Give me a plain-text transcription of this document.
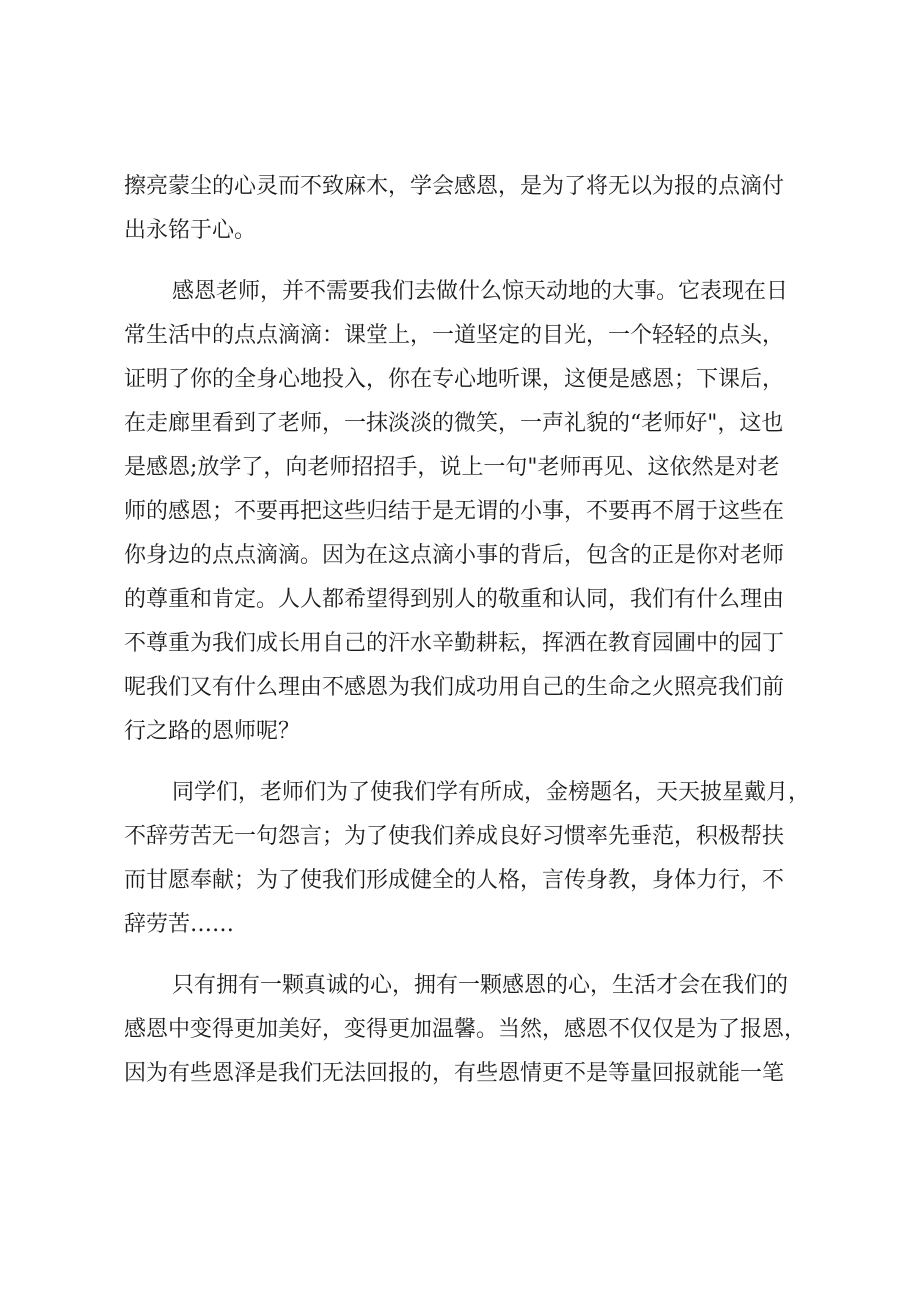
擦亮蒙尘的心灵而不致麻木，学会感恩，是为了将无以为报的点滴付
出永铭于心。
感恩老师，并不需要我们去做什么惊天动地的大事。它表现在日
常生活中的点点滴滴：课堂上，一道坚定的目光，一个轻轻的点头，
证明了你的全身心地投入，你在专心地听课，这便是感恩；下课后，
在走廊里看到了老师，一抹淡淡的微笑，一声礼貌的“老师好"，这也
是感恩;放学了，向老师招招手，说上一句"老师再见、这依然是对老
师的感恩；不要再把这些归结于是无谓的小事，不要再不屑于这些在
你身边的点点滴滴。因为在这点滴小事的背后，包含的正是你对老师
的尊重和肯定。人人都希望得到别人的敬重和认同，我们有什么理由
不尊重为我们成长用自己的汗水辛勤耕耘，挥洒在教育园圃中的园丁
呢我们又有什么理由不感恩为我们成功用自己的生命之火照亮我们前
行之路的恩师呢？
同学们，老师们为了使我们学有所成，金榜题名，天天披星戴月，
不辞劳苦无一句怨言；为了使我们养成良好习惯率先垂范，积极帮扶
而甘愿奉献；为了使我们形成健全的人格，言传身教，身体力行，不
辞劳苦……
只有拥有一颗真诚的心，拥有一颗感恩的心，生活才会在我们的
感恩中变得更加美好，变得更加温馨。当然，感恩不仅仅是为了报恩，
因为有些恩泽是我们无法回报的，有些恩情更不是等量回报就能一笔
